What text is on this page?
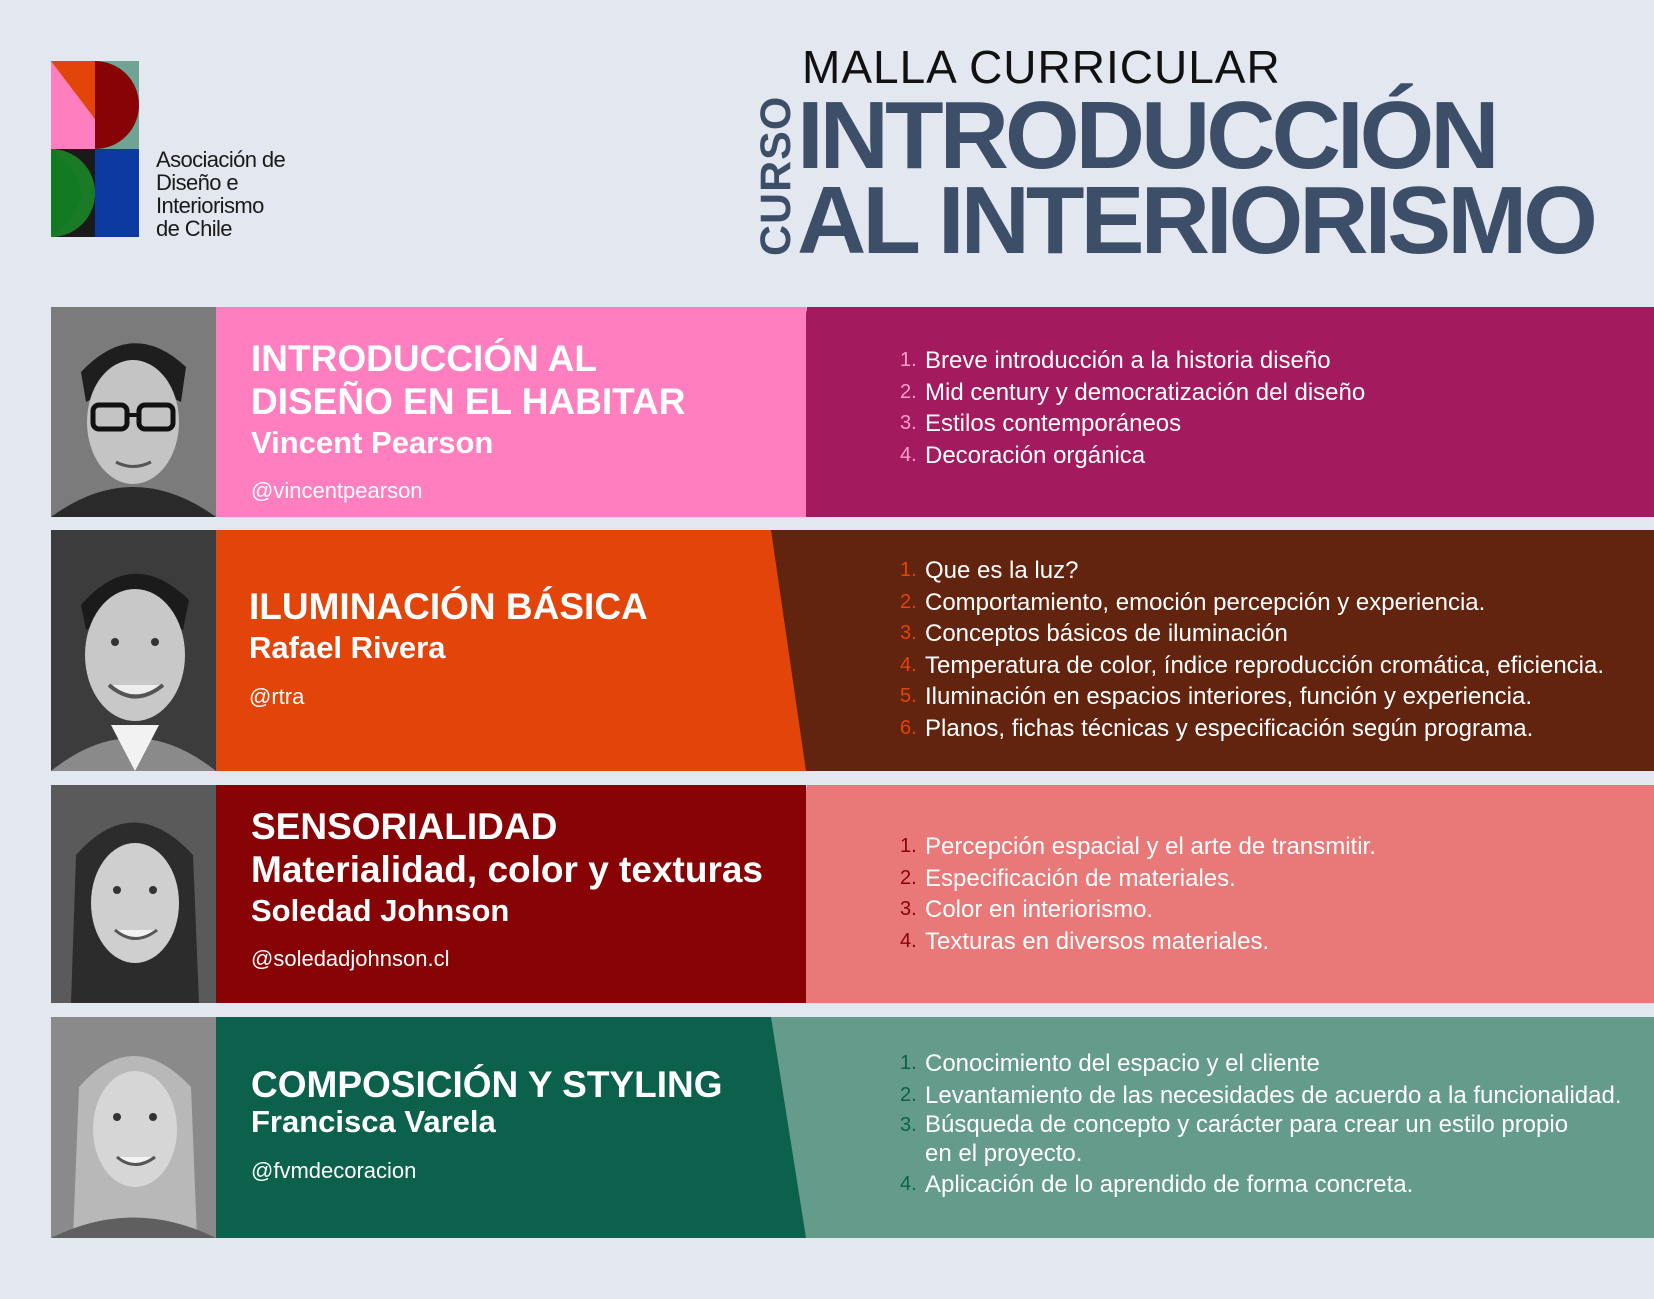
Asociación de
Diseño e
Interiorismo
de Chile
MALLA CURRICULAR
CURSO
INTRODUCCIÓN
AL INTERIORISMO
INTRODUCCIÓN AL
DISEÑO EN EL HABITAR
Vincent Pearson
@vincentpearson
1. Breve introducción a la historia diseño
2. Mid century y democratización del diseño
3. Estilos contemporáneos
4. Decoración orgánica
ILUMINACIÓN BÁSICA
Rafael Rivera
@rtra
1. Que es la luz?
2. Comportamiento, emoción percepción y experiencia.
3. Conceptos básicos de iluminación
4. Temperatura de color, índice reproducción cromática, eficiencia.
5. Iluminación en espacios interiores, función y experiencia.
6. Planos, fichas técnicas y especificación según programa.
SENSORIALIDAD
Materialidad, color y texturas
Soledad Johnson
@soledadjohnson.cl
1. Percepción espacial y el arte de transmitir.
2. Especificación de materiales.
3. Color en interiorismo.
4. Texturas en diversos materiales.
COMPOSICIÓN Y STYLING
Francisca Varela
@fvmdecoracion
1. Conocimiento del espacio y el cliente
2. Levantamiento de las necesidades de acuerdo a la funcionalidad.
3. Búsqueda de concepto y carácter para crear un estilo propio
en el proyecto.
4. Aplicación de lo aprendido de forma concreta.
